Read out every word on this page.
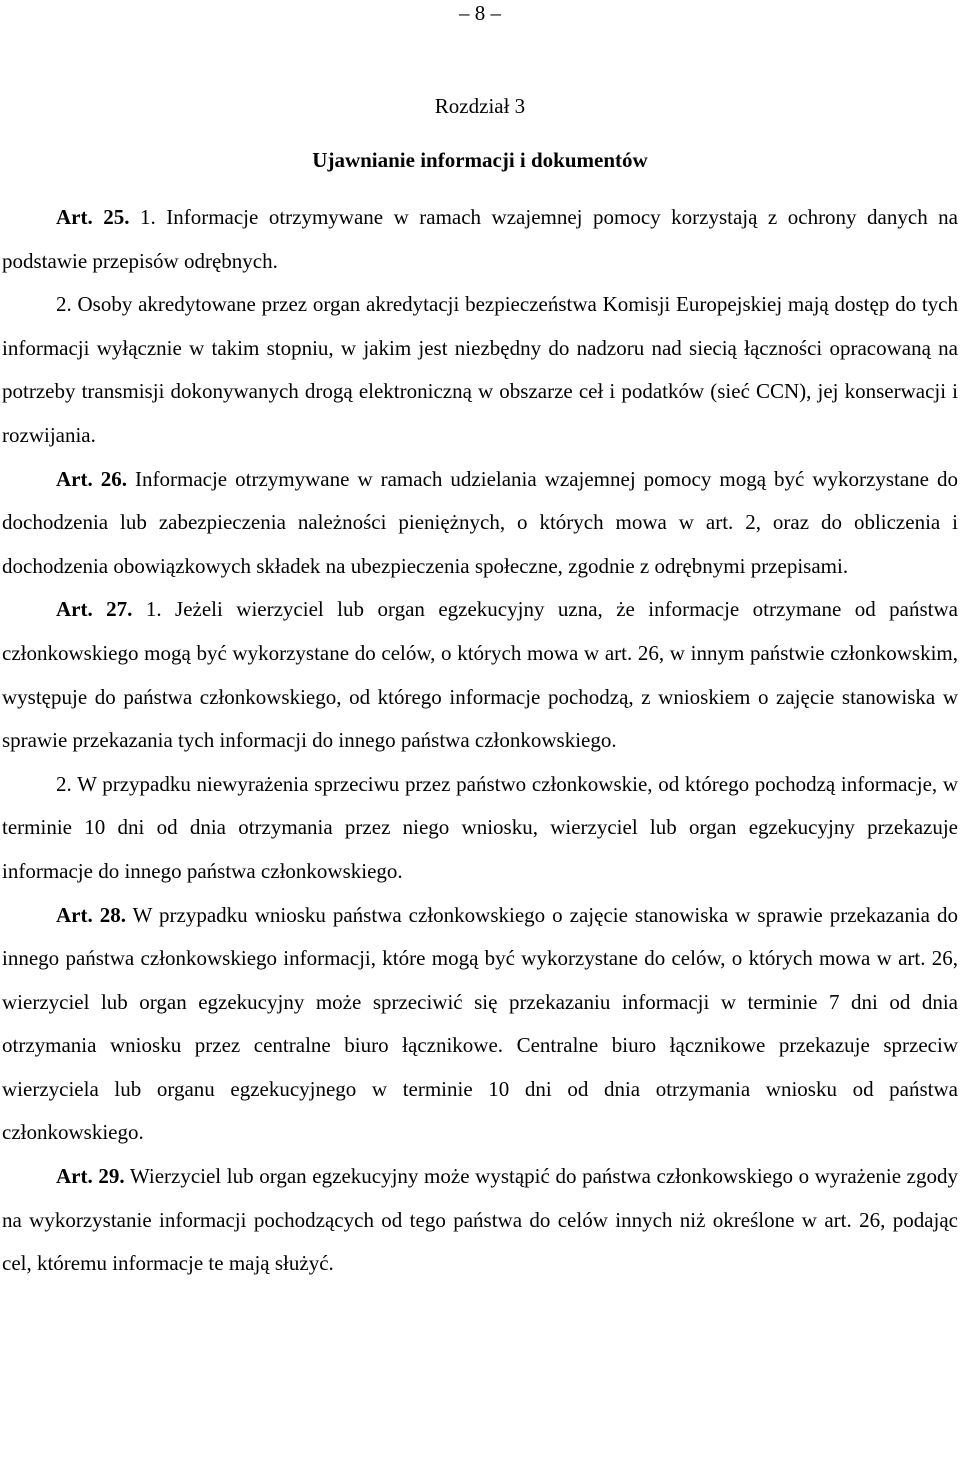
– 8 –
Rozdział 3
Ujawnianie informacji i dokumentów

Art. 25. 1. Informacje otrzymywane w ramach wzajemnej pomocy korzystają z ochrony danych na podstawie przepisów odrębnych.

2. Osoby akredytowane przez organ akredytacji bezpieczeństwa Komisji Europejskiej mają dostęp do tych informacji wyłącznie w takim stopniu, w jakim jest niezbędny do nadzoru nad siecią łączności opracowaną na potrzeby transmisji dokonywanych drogą elektroniczną w obszarze ceł i podatków (sieć CCN), jej konserwacji i rozwijania.

Art. 26. Informacje otrzymywane w ramach udzielania wzajemnej pomocy mogą być wykorzystane do dochodzenia lub zabezpieczenia należności pieniężnych, o których mowa w art. 2, oraz do obliczenia i dochodzenia obowiązkowych składek na ubezpieczenia społeczne, zgodnie z odrębnymi przepisami.

Art. 27. 1. Jeżeli wierzyciel lub organ egzekucyjny uzna, że informacje otrzymane od państwa członkowskiego mogą być wykorzystane do celów, o których mowa w art. 26, w innym państwie członkowskim, występuje do państwa członkowskiego, od którego informacje pochodzą, z wnioskiem o zajęcie stanowiska w sprawie przekazania tych informacji do innego państwa członkowskiego.

2. W przypadku niewyrażenia sprzeciwu przez państwo członkowskie, od którego pochodzą informacje, w terminie 10 dni od dnia otrzymania przez niego wniosku, wierzyciel lub organ egzekucyjny przekazuje informacje do innego państwa członkowskiego.

Art. 28. W przypadku wniosku państwa członkowskiego o zajęcie stanowiska w sprawie przekazania do innego państwa członkowskiego informacji, które mogą być wykorzystane do celów, o których mowa w art. 26, wierzyciel lub organ egzekucyjny może sprzeciwić się przekazaniu informacji w terminie 7 dni od dnia otrzymania wniosku przez centralne biuro łącznikowe. Centralne biuro łącznikowe przekazuje sprzeciw wierzyciela lub organu egzekucyjnego w terminie 10 dni od dnia otrzymania wniosku od państwa członkowskiego.

Art. 29. Wierzyciel lub organ egzekucyjny może wystąpić do państwa członkowskiego o wyrażenie zgody na wykorzystanie informacji pochodzących od tego państwa do celów innych niż określone w art. 26, podając cel, któremu informacje te mają służyć.
